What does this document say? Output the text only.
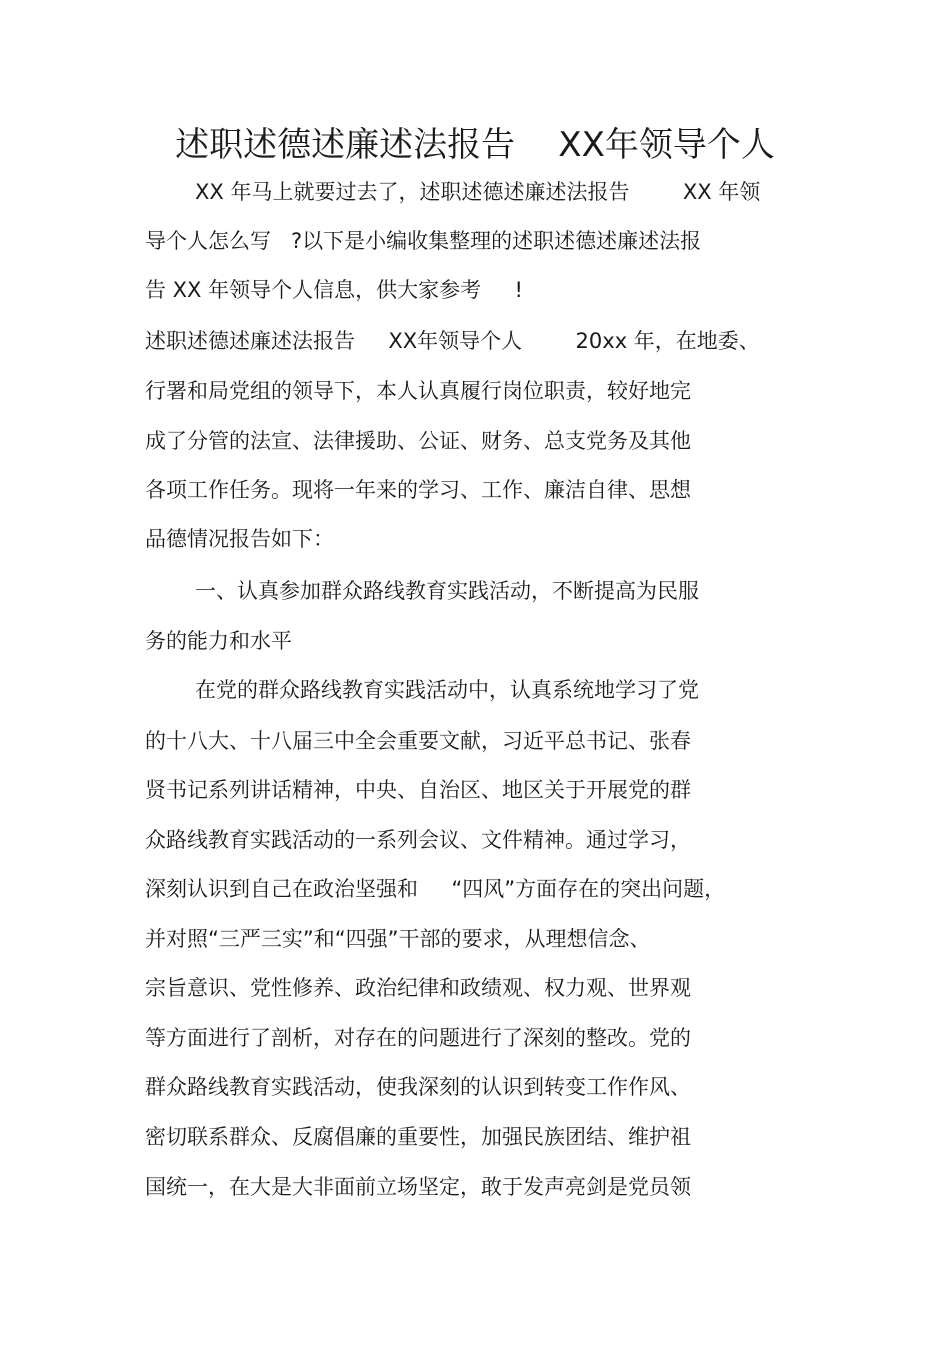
述职述德述廉述法报告    XX年领导个人
XX 年马上就要过去了，述职述德述廉述法报告        XX 年领
导个人怎么写   ?以下是小编收集整理的述职述德述廉述法报
告 XX 年领导个人信息，供大家参考     !
述职述德述廉述法报告     XX年领导个人        20xx 年，在地委、
行署和局党组的领导下，本人认真履行岗位职责，较好地完
成了分管的法宣、法律援助、公证、财务、总支党务及其他
各项工作任务。现将一年来的学习、工作、廉洁自律、思想
品德情况报告如下：
一、认真参加群众路线教育实践活动，不断提高为民服
务的能力和水平
在党的群众路线教育实践活动中，认真系统地学习了党
的十八大、十八届三中全会重要文献，习近平总书记、张春
贤书记系列讲话精神，中央、自治区、地区关于开展党的群
众路线教育实践活动的一系列会议、文件精神。通过学习，
深刻认识到自己在政治坚强和     “四风”方面存在的突出问题，
并对照“三严三实”和“四强”干部的要求，从理想信念、
宗旨意识、党性修养、政治纪律和政绩观、权力观、世界观
等方面进行了剖析，对存在的问题进行了深刻的整改。党的
群众路线教育实践活动，使我深刻的认识到转变工作作风、
密切联系群众、反腐倡廉的重要性，加强民族团结、维护祖
国统一，在大是大非面前立场坚定，敢于发声亮剑是党员领
